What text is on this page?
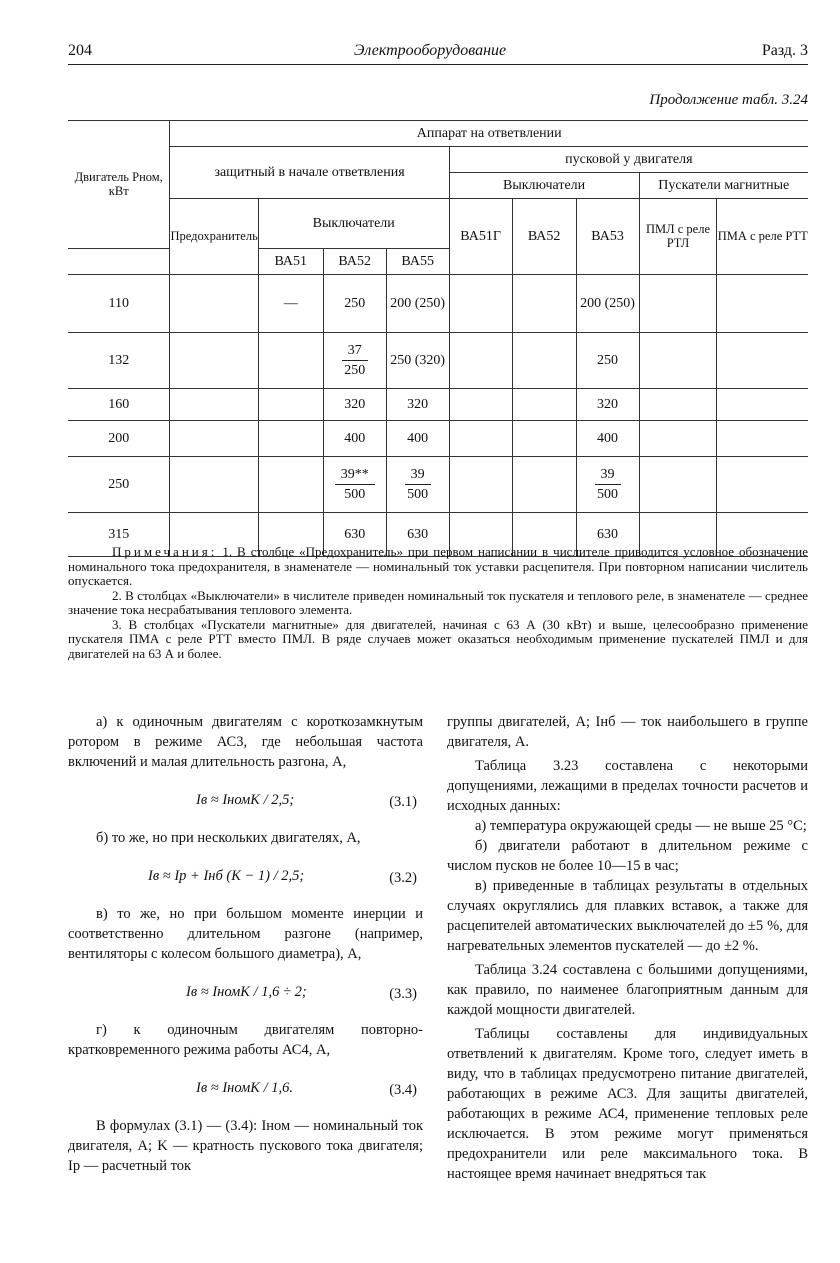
204	Электрооборудование	Разд. 3
Продолжение табл. 3.24
Двигатель Pном, кВт	Аппарат на ответвлении								
	защитный в начале ответвления				пусковой у двигателя				
					Выключатели			Пускатели магнитные	
	Предохранитель	Выключатели			ВА51Г	ВА52	ВА53	ПМЛ с реле РТЛ	ПМА с реле РТТ
		ВА51	ВА52	ВА55					
110		—	250	200 (250)			200 (250)		
132			$\frac{37}{250}$	250 (320)			250		
160			320	320			320		
200			400	400			400		
250			$\frac{39**}{500}$	$\frac{39}{500}$			$\frac{39}{500}$

315			630	630			630		

Примечания: 1. В столбце «Предохранитель» при первом написании в числителе приводится условное обозначение номинального тока предохранителя, в знаменателе — номинальный ток уставки расцепителя. При повторном написании числитель опускается.

2. В столбцах «Выключатели» в числителе приведен номинальный ток пускателя и теплового реле, в знаменателе — среднее значение тока несрабатывания теплового элемента.

3. В столбцах «Пускатели магнитные» для двигателей, начиная с 63 А (30 кВт) и выше, целесообразно применение пускателя ПМА с реле РТТ вместо ПМЛ. В ряде случаев может оказаться необходимым применение пускателей ПМЛ и для двигателей на 63 А и более.

а) к одиночным двигателям с короткозамкнутым ротором в режиме АС3, где небольшая частота включений и малая длительность разгона, А,

Iв ≈ IномK / 2,5;	(3.1)

б) то же, но при нескольких двигателях, А,

Iв ≈ Iр + Iнб (K − 1) / 2,5;	(3.2)

в) то же, но при большом моменте инерции и соответственно длительном разгоне (например, вентиляторы с колесом большого диаметра), А,

Iв ≈ IномK / 1,6 ÷ 2;	(3.3)

г) к одиночным двигателям повторно-кратковременного режима работы АС4, А,

Iв ≈ IномK / 1,6.	(3.4)

В формулах (3.1) — (3.4): Iном — номинальный ток двигателя, А; K — кратность пускового тока двигателя; Iр — расчетный ток

группы двигателей, А; Iнб — ток наибольшего в группе двигателя, А.

Таблица 3.23 составлена с некоторыми допущениями, лежащими в пределах точности расчетов и исходных данных:

а) температура окружающей среды — не выше 25 °С;

б) двигатели работают в длительном режиме с числом пусков не более 10—15 в час;

в) приведенные в таблицах результаты в отдельных случаях округлялись для плавких вставок, а также для расцепителей автоматических выключателей до ±5 %, для нагревательных элементов пускателей — до ±2 %.

Таблица 3.24 составлена с большими допущениями, как правило, по наименее благоприятным данным для каждой мощности двигателей.

Таблицы составлены для индивидуальных ответвлений к двигателям. Кроме того, следует иметь в виду, что в таблицах предусмотрено питание двигателей, работающих в режиме АС3. Для защиты двигателей, работающих в режиме АС4, применение тепловых реле исключается. В этом режиме могут применяться предохранители или реле максимального тока. В настоящее время начинает внедряться так
